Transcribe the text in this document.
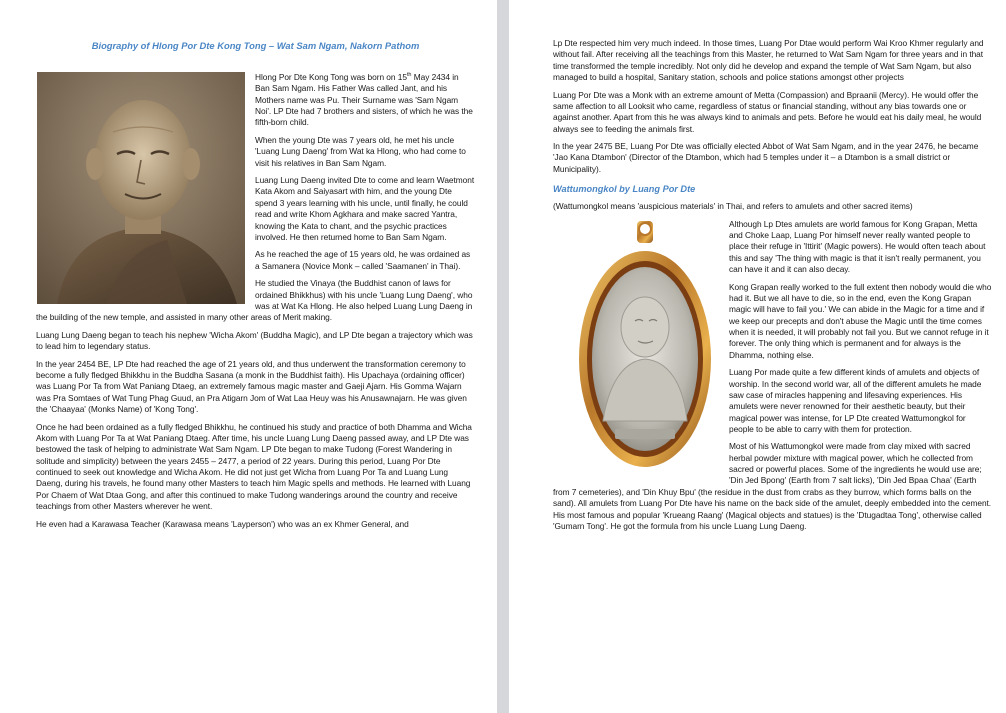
Biography of Hlong Por Dte Kong Tong – Wat Sam Ngam, Nakorn Pathom

Hlong Por Dte Kong Tong was born on 15th May 2434 in Ban Sam Ngam. His Father Was called Jant, and his Mothers name was Pu. Their Surname was 'Sam Ngam Noi'. LP Dte had 7 brothers and sisters, of which he was the fifth-born child.

When the young Dte was 7 years old, he met his uncle 'Luang Lung Daeng' from Wat ka Hlong, who had come to visit his relatives in Ban Sam Ngam.

Luang Lung Daeng invited Dte to come and learn Waetmont Kata Akom and Saiyasart with him, and the young Dte spend 3 years learning with his uncle, until finally, he could read and write Khom Agkhara and make sacred Yantra, knowing the Kata to chant, and the psychic practices involved. He then returned home to Ban Sam Ngam.

As he reached the age of 15 years old, he was ordained as a Samanera (Novice Monk – called 'Saamanen' in Thai).

He studied the Vinaya (the Buddhist canon of laws for ordained Bhikkhus) with his uncle 'Luang Lung Daeng', who was at Wat Ka Hlong. He also helped Luang Lung Daeng in the building of the new temple, and assisted in many other areas of Merit making.

Luang Lung Daeng began to teach his nephew 'Wicha Akom' (Buddha Magic), and LP Dte began a trajectory which was to lead him to legendary status.

In the year 2454 BE, LP Dte had reached the age of 21 years old, and thus underwent the transformation ceremony to become a fully fledged Bhikkhu in the Buddha Sasana (a monk in the Buddhist faith). His Upachaya (ordaining officer) was Luang Por Ta from Wat Paniang Dtaeg, an extremely famous magic master and Gaeji Ajarn. His Gomma Wajarn was Pra Somtaes of Wat Tung Phag Guud, an Pra Atigarn Jom of Wat Laa Heuy was his Anusawnajarn. He was given the 'Chaayaa' (Monks Name) of 'Kong Tong'.

Once he had been ordained as a fully fledged Bhikkhu, he continued his study and practice of both Dhamma and Wicha Akom with Luang Por Ta at Wat Paniang Dtaeg. After time, his uncle Luang Lung Daeng passed away, and LP Dte was bestowed the task of helping to administrate Wat Sam Ngam. LP Dte began to make Tudong (Forest Wandering in solitude and simplicity) between the years 2455 – 2477, a period of 22 years. During this period, Luang Por Dte continued to seek out knowledge and Wicha Akom. He did not just get Wicha from Luang Por Ta and Luang Lung Daeng, during his travels, he found many other Masters to teach him Magic spells and methods. He learned with Luang Por Chaem of Wat Dtaa Gong, and after this continued to make Tudong wanderings around the country and receive teachings from other Masters wherever he went.

He even had a Karawasa Teacher (Karawasa means 'Layperson') who was an ex Khmer General, and

Lp Dte respected him very much indeed. In those times, Luang Por Dtae would perform Wai Kroo Khmer regularly and without fail. After receiving all the teachings from this Master, he returned to Wat Sam Ngam for three years and in that time transformed the temple incredibly. Not only did he develop and expand the temple of Wat Sam Ngam, but also managed to build a hospital, Sanitary station, schools and police stations amongst other projects

Luang Por Dte was a Monk with an extreme amount of Metta (Compassion) and Bpraanii (Mercy). He would offer the same affection to all Looksit who came, regardless of status or financial standing, without any bias towards one or against another. Apart from this he was always kind to animals and pets. Before he would eat his daily meal, he would always see to feeding the animals first.

In the year 2475 BE, Luang Por Dte was officially elected Abbot of Wat Sam Ngam, and in the year 2476, he became 'Jao Kana Dtambon' (Director of the Dtambon, which had 5 temples under it – a Dtambon is a small district or Municipality).

Wattumongkol by Luang Por Dte

(Wattumongkol means 'auspicious materials' in Thai, and refers to amulets and other sacred items)

Although Lp Dtes amulets are world famous for Kong Grapan, Metta and Choke Laap, Luang Por himself never really wanted people to place their refuge in 'Ittirit' (Magic powers). He would often teach about this and say 'The thing with magic is that it isn't really permanent, you can have it and it can also decay.

Kong Grapan really worked to the full extent then nobody would die who had it. But we all have to die, so in the end, even the Kong Grapan magic will have to fail you.' We can abide in the Magic for a time and if we keep our precepts and don't abuse the Magic until the time comes when it is needed, it will probably not fail you. But we cannot refuge in it forever. The only thing which is permanent and for always is the Dhamma, nothing else.

Luang Por made quite a few different kinds of amulets and objects of worship. In the second world war, all of the different amulets he made saw case of miracles happening and lifesaving experiences. His amulets were never renowned for their aesthetic beauty, but their magical power was intense, for LP Dte created Wattumongkol for people to be able to carry with them for protection.

Most of his Wattumongkol were made from clay mixed with sacred herbal powder mixture with magical power, which he collected from sacred or powerful places. Some of the ingredients he would use are; 'Din Jed Bpong' (Earth from 7 salt licks), 'Din Jed Bpaa Chaa' (Earth from 7 cemeteries), and 'Din Khuy Bpu' (the residue in the dust from crabs as they burrow, which forms balls on the sand). All amulets from Luang Por Dte have his name on the back side of the amulet, deeply embedded into the cement. His most famous and popular 'Krueang Raang' (Magical objects and statues) is the 'Dtugadtaa Tong', otherwise called 'Gumarn Tong'. He got the formula from his uncle Luang Lung Daeng.
